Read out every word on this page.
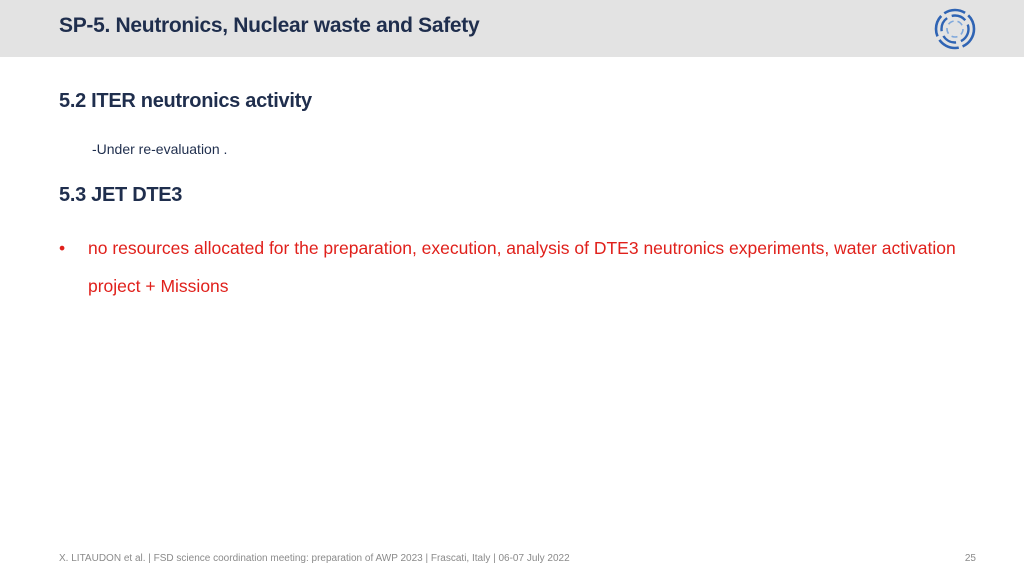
SP-5. Neutronics, Nuclear waste and Safety
5.2 ITER neutronics activity
-Under re-evaluation .
5.3 JET DTE3
• no resources allocated for the preparation, execution, analysis of DTE3 neutronics experiments, water activation project + Missions
X. LITAUDON et al. | FSD science coordination meeting: preparation of AWP 2023 | Frascati, Italy | 06-07 July 2022	25
